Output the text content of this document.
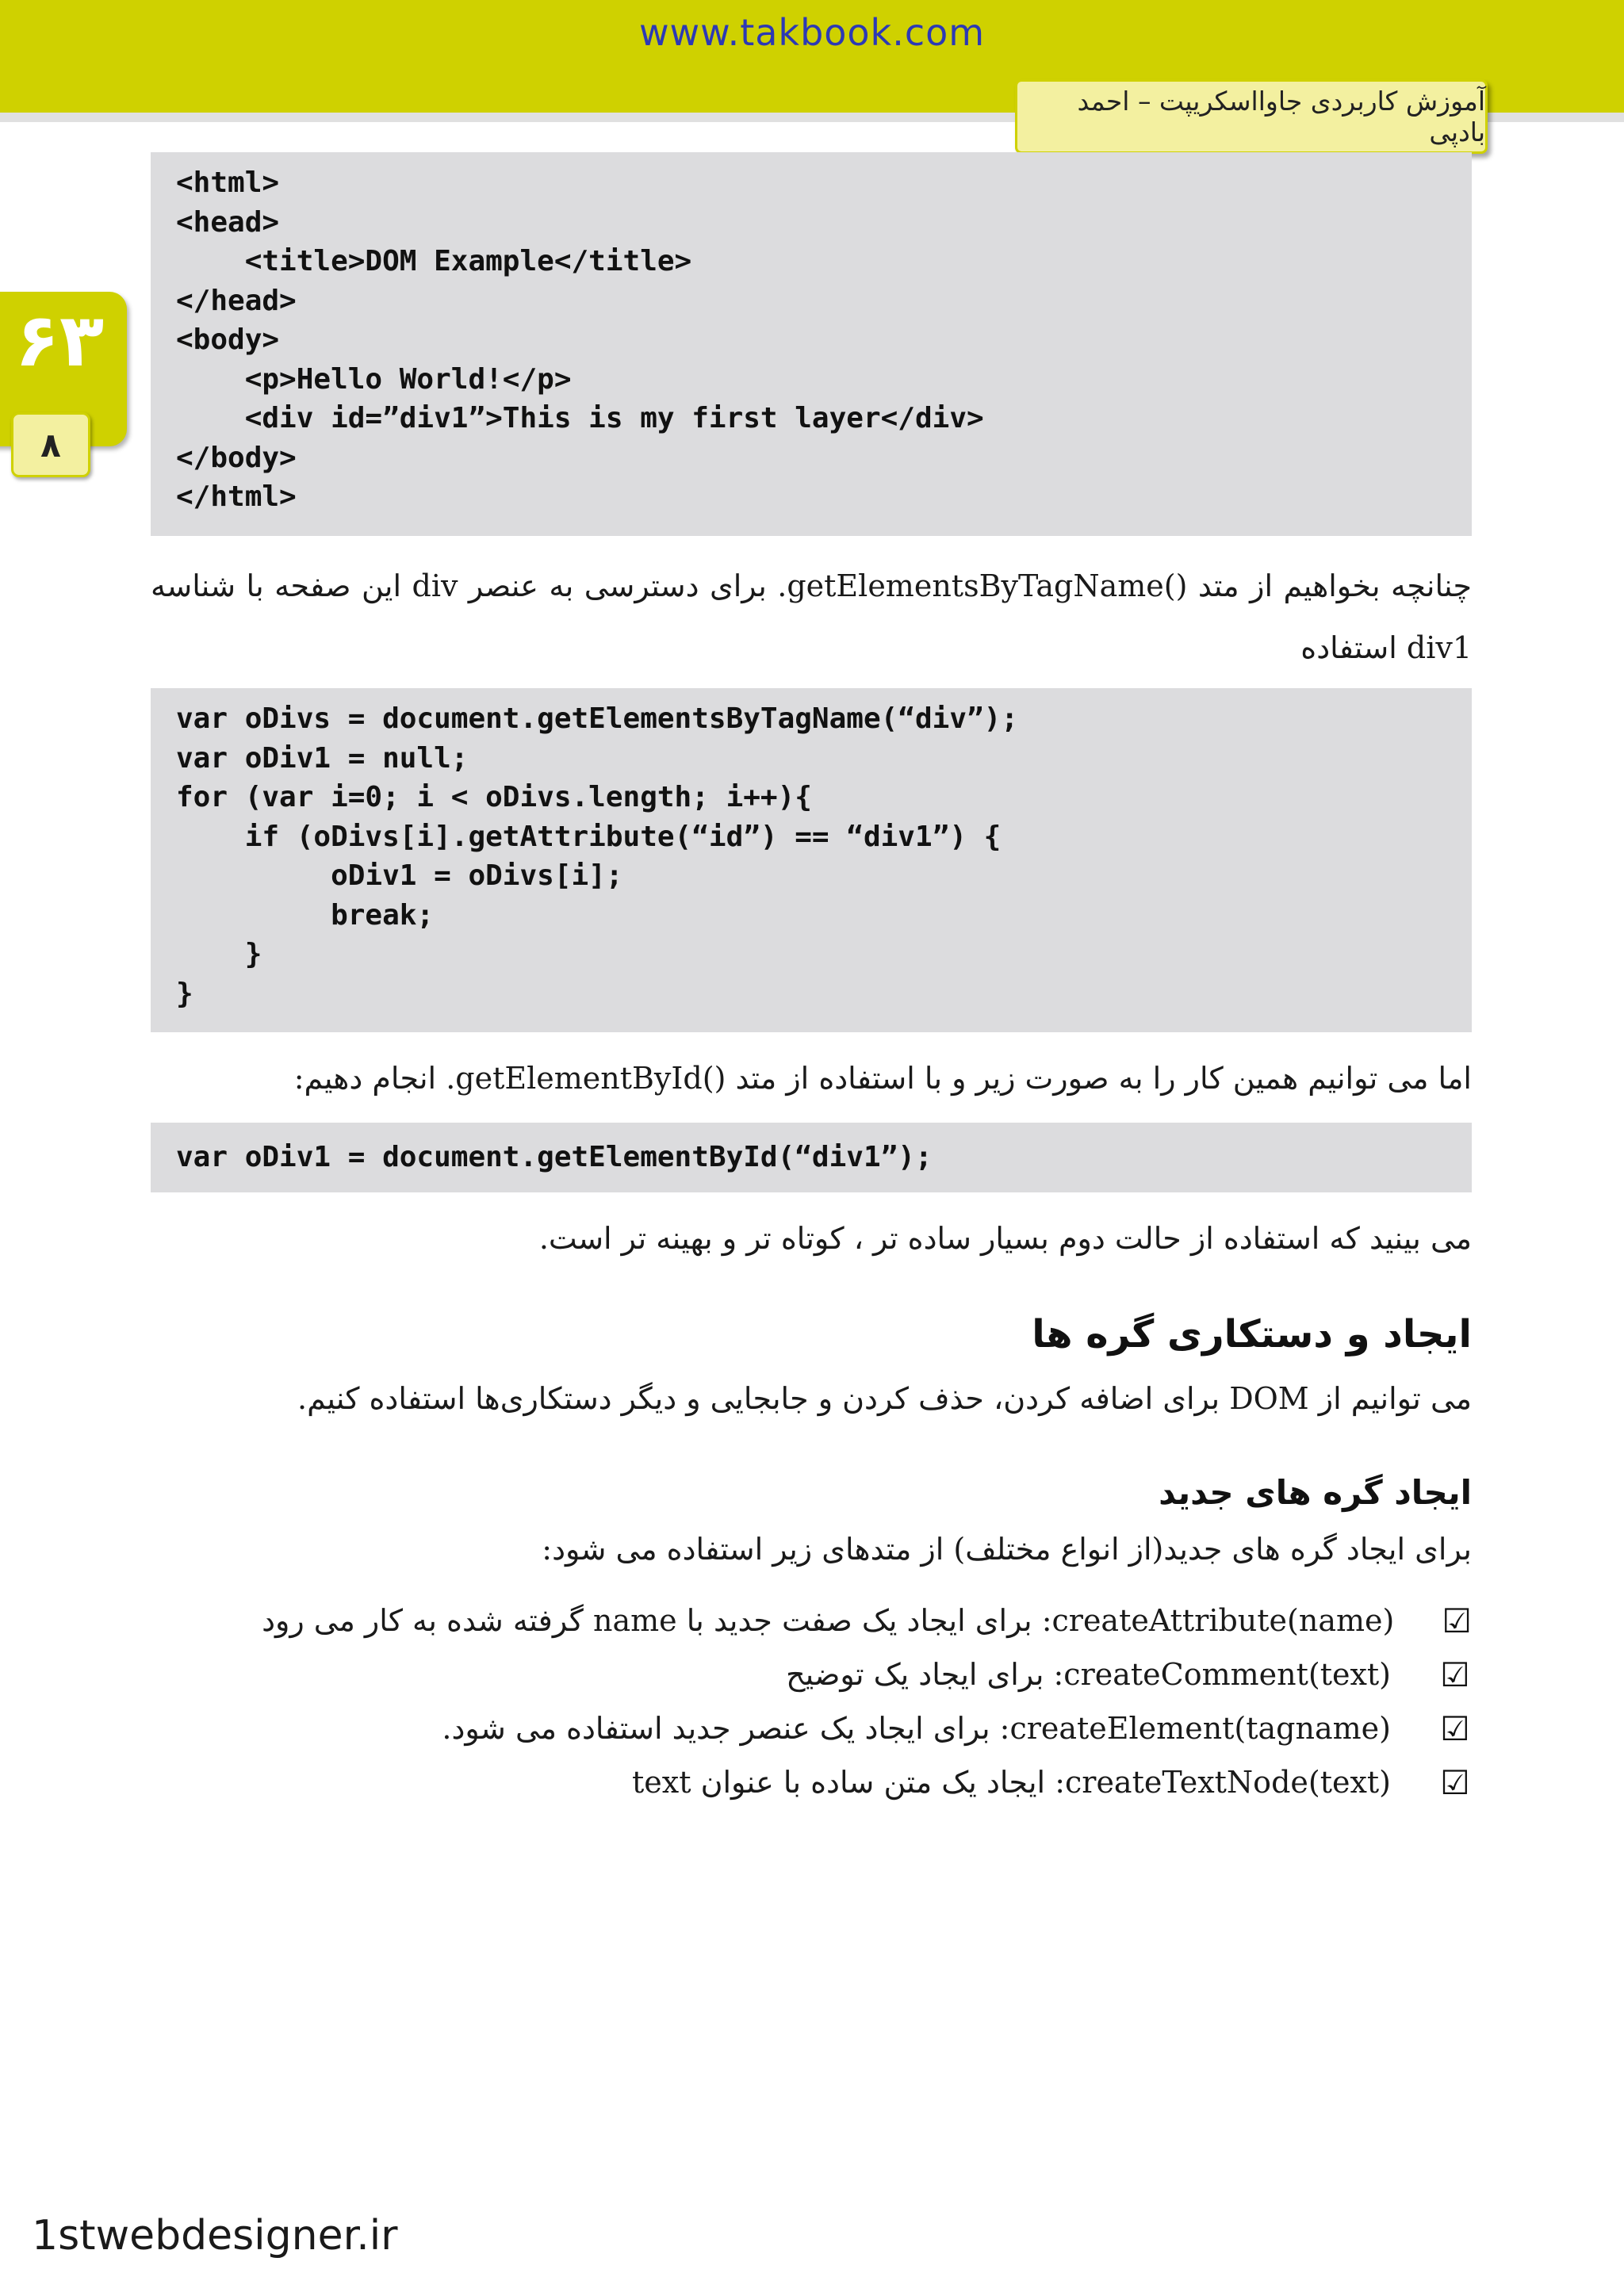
www.takbook.com
آموزش کاربردی جاوااسکریپت – احمد بادپی
۶۳
۸
<html>
<head>
<title>DOM Example</title>
</head>
<body>
<p>Hello World!</p>
<div id=”div1”>This is my first layer</div>
</body>
</html>
چنانچه بخواهیم از متد ()getElementsByTagName. برای دسترسی به عنصر div این صفحه با شناسه div1 استفاده
var oDivs = document.getElementsByTagName(“div”);
var oDiv1 = null;
for (var i=0; i < oDivs.length; i++){
if (oDivs[i].getAttribute(“id”) == “div1”) {
oDiv1 = oDivs[i];
break;
}
}
اما می توانیم همین کار را به صورت زیر و با استفاده از متد ()getElementById. انجام دهیم:
var oDiv1 = document.getElementById(“div1”);
می بینید که استفاده از حالت دوم بسیار ساده تر ، کوتاه تر و بهینه تر است.
ایجاد و دستکاری گره ها
می توانیم از DOM برای اضافه کردن، حذف کردن و جابجایی و دیگر دستکاری‌ها استفاده کنیم.
ایجاد گره های جدید
برای ایجاد گره های جدید(از انواع مختلف) از متدهای زیر استفاده می شود:
☑
createAttribute(name): برای ایجاد یک صفت جدید با name گرفته شده به کار می رود
☑
createComment(text): برای ایجاد یک توضیح
☑
createElement(tagname): برای ایجاد یک عنصر جدید استفاده می شود.
☑
createTextNode(text): ایجاد یک متن ساده با عنوان text
1stwebdesigner.ir
